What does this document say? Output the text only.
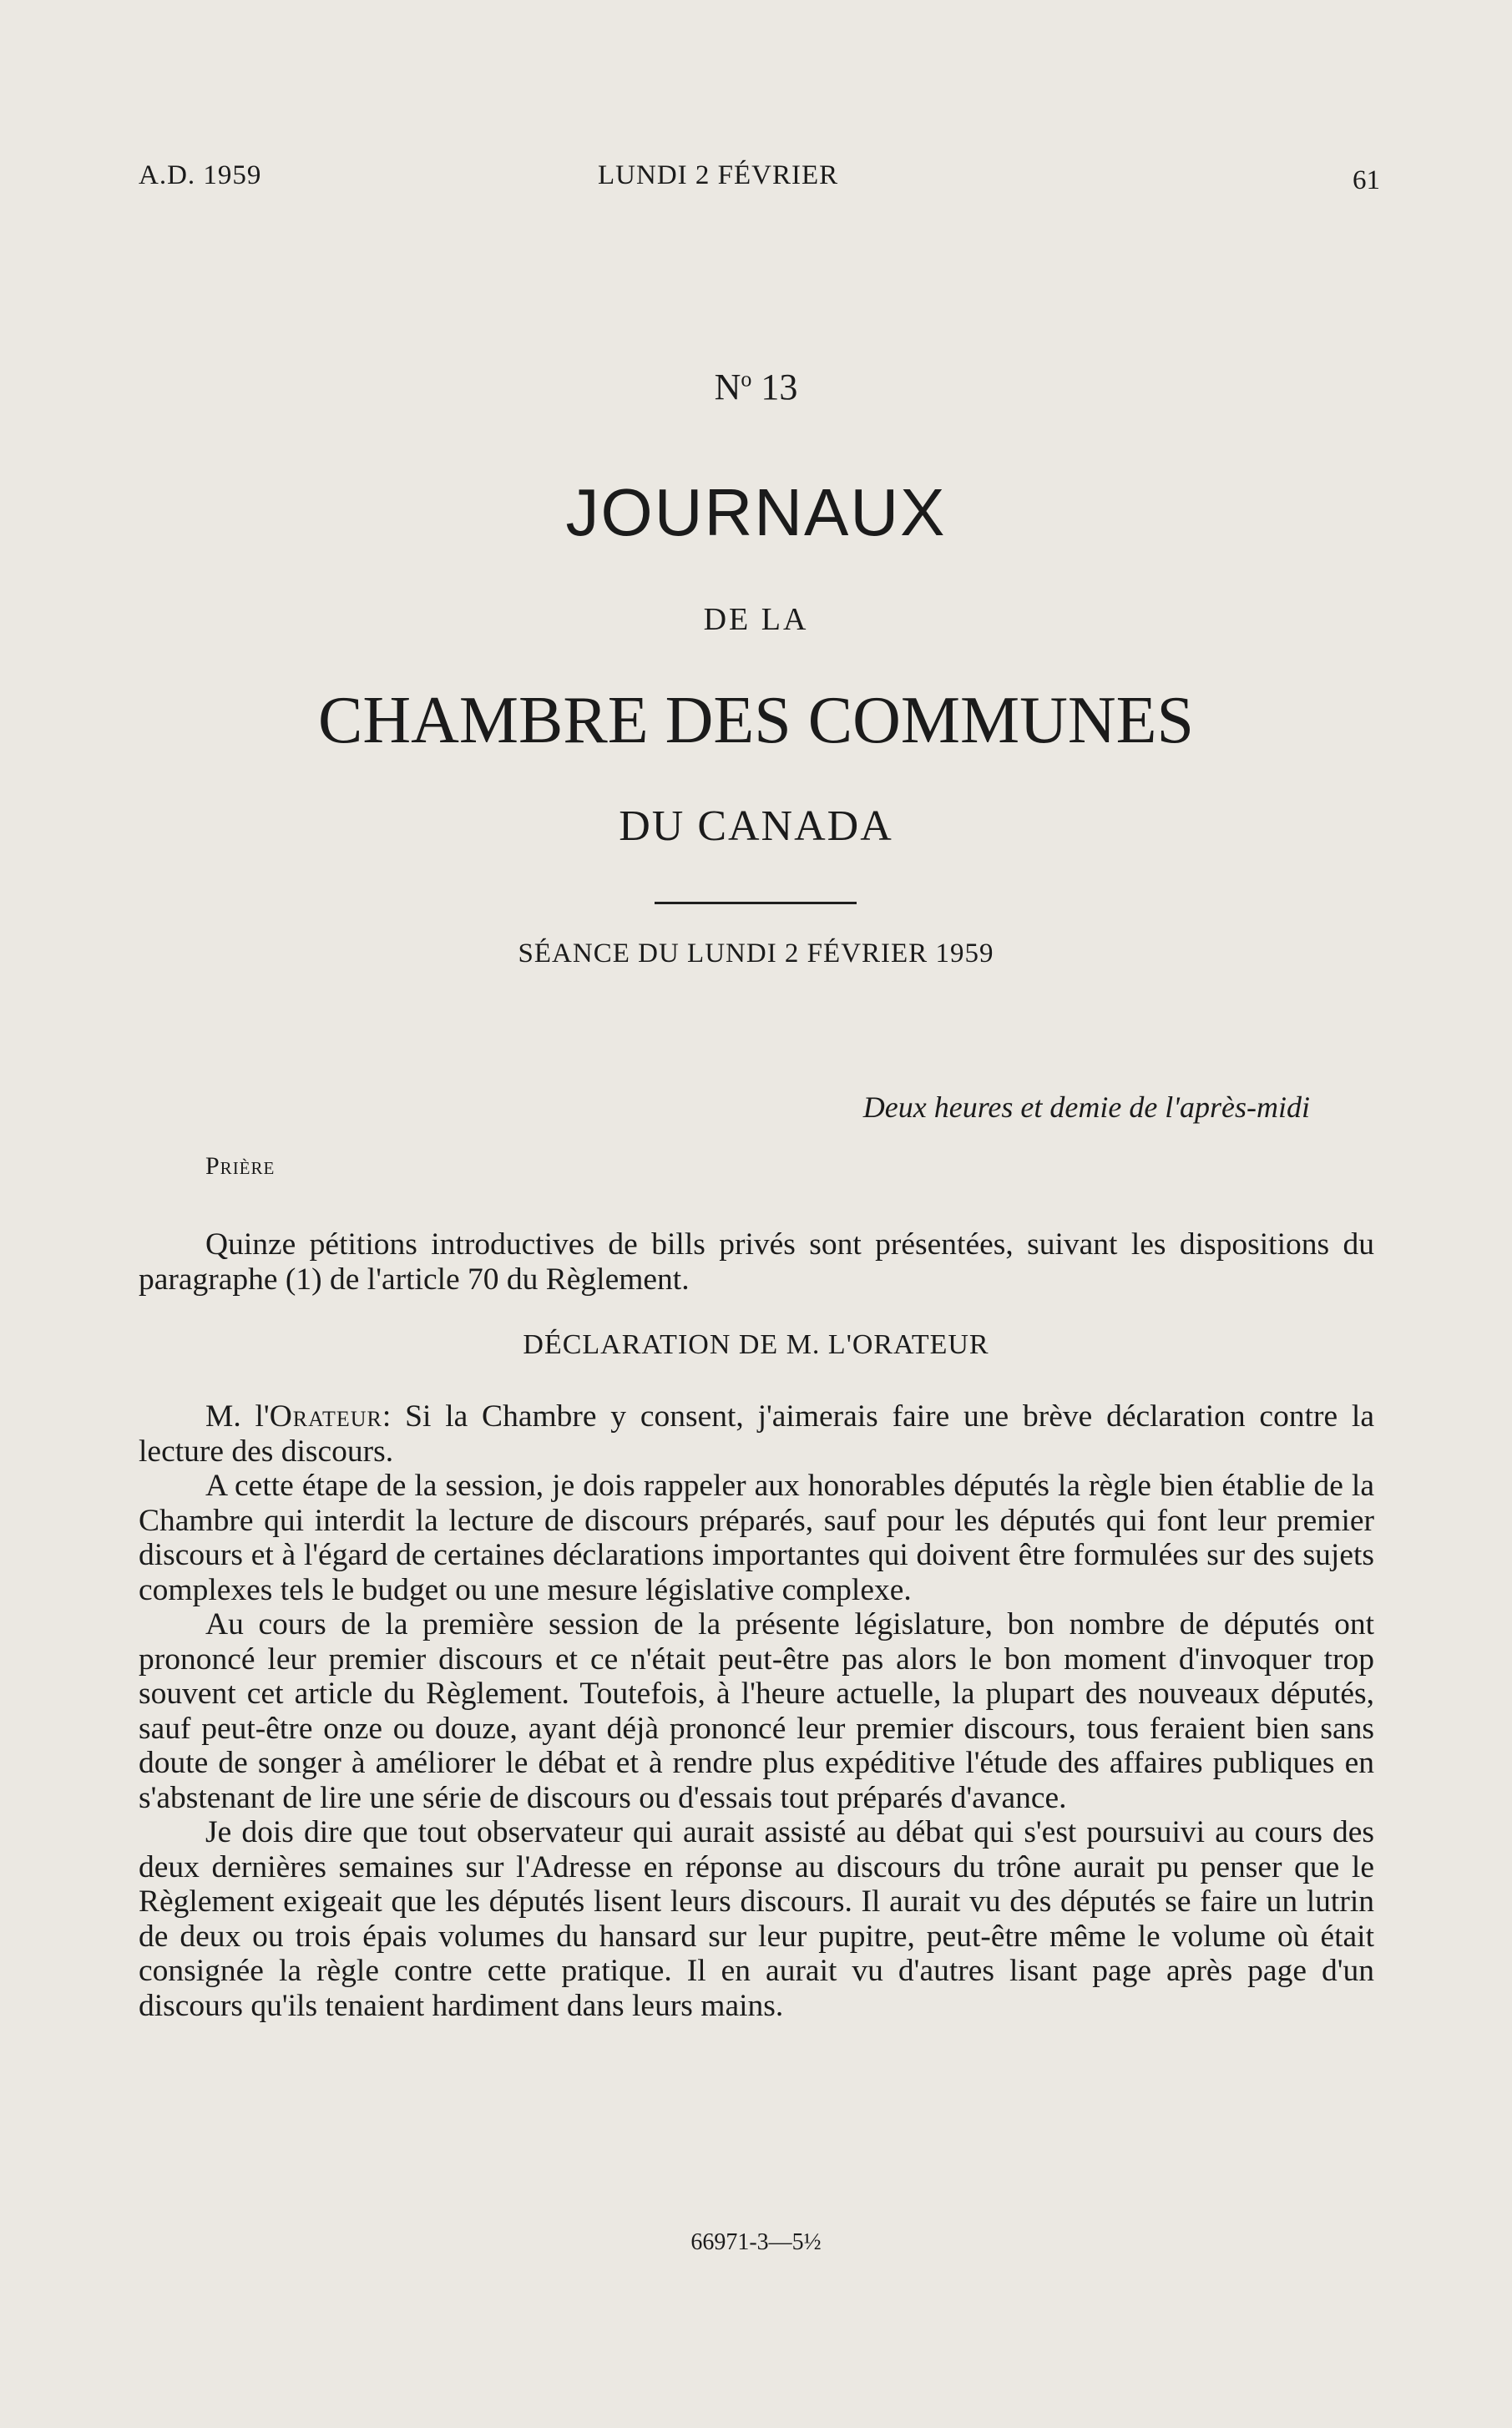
A.D. 1959	LUNDI 2 FÉVRIER	61
$N^o$ 13
JOURNAUX
DE LA
CHAMBRE DES COMMUNES
DU CANADA
SÉANCE DU LUNDI 2 FÉVRIER 1959
Deux heures et demie de l'après-midi
Prière

Quinze pétitions introductives de bills privés sont présentées, suivant les dispositions du paragraphe (1) de l'article 70 du Règlement.

DÉCLARATION DE M. L'ORATEUR

M. l'Orateur: Si la Chambre y consent, j'aimerais faire une brève déclaration contre la lecture des discours.

A cette étape de la session, je dois rappeler aux honorables députés la règle bien établie de la Chambre qui interdit la lecture de discours préparés, sauf pour les députés qui font leur premier discours et à l'égard de certaines déclarations importantes qui doivent être formulées sur des sujets complexes tels le budget ou une mesure législative complexe.

Au cours de la première session de la présente législature, bon nombre de députés ont prononcé leur premier discours et ce n'était peut-être pas alors le bon moment d'invoquer trop souvent cet article du Règlement. Toutefois, à l'heure actuelle, la plupart des nouveaux députés, sauf peut-être onze ou douze, ayant déjà prononcé leur premier discours, tous feraient bien sans doute de songer à améliorer le débat et à rendre plus expéditive l'étude des affaires publiques en s'abstenant de lire une série de discours ou d'essais tout préparés d'avance.

Je dois dire que tout observateur qui aurait assisté au débat qui s'est poursuivi au cours des deux dernières semaines sur l'Adresse en réponse au discours du trône aurait pu penser que le Règlement exigeait que les députés lisent leurs discours. Il aurait vu des députés se faire un lutrin de deux ou trois épais volumes du hansard sur leur pupitre, peut-être même le volume où était consignée la règle contre cette pratique. Il en aurait vu d'autres lisant page après page d'un discours qu'ils tenaient hardiment dans leurs mains.

66971-3—5½
